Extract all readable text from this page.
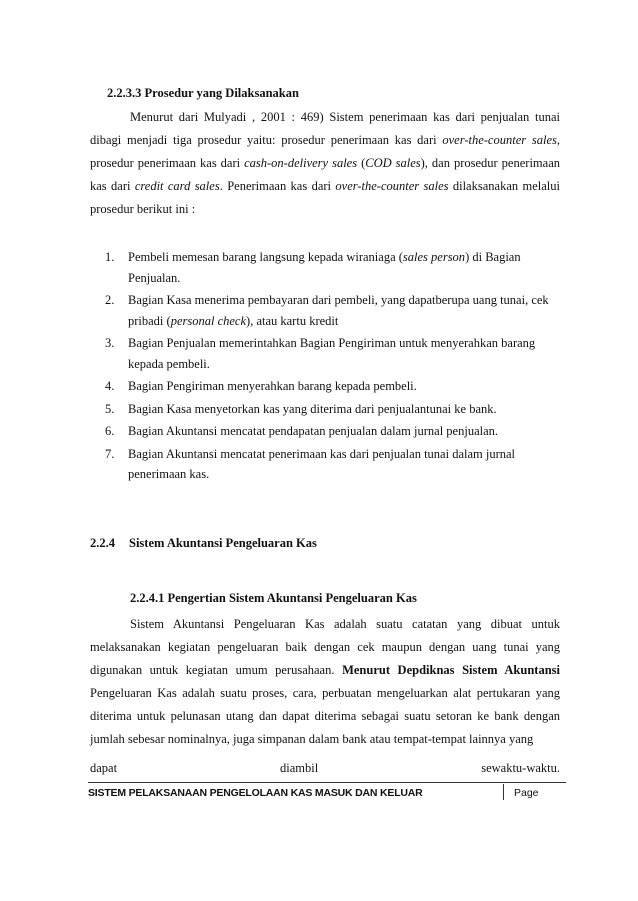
2.2.3.3 Prosedur yang Dilaksanakan

Menurut dari Mulyadi , 2001 : 469) Sistem penerimaan kas dari penjualan tunai dibagi menjadi tiga prosedur yaitu: prosedur penerimaan kas dari over-the-counter sales, prosedur penerimaan kas dari cash-on-delivery sales (COD sales), dan prosedur penerimaan kas dari credit card sales. Penerimaan kas dari over-the-counter sales dilaksanakan melalui prosedur berikut ini :

1. Pembeli memesan barang langsung kepada wiraniaga (sales person) di Bagian Penjualan.
2. Bagian Kasa menerima pembayaran dari pembeli, yang dapatberupa uang tunai, cek pribadi (personal check), atau kartu kredit
3. Bagian Penjualan memerintahkan Bagian Pengiriman untuk menyerahkan barang kepada pembeli.
4. Bagian Pengiriman menyerahkan barang kepada pembeli.
5. Bagian Kasa menyetorkan kas yang diterima dari penjualantunai ke bank.
6. Bagian Akuntansi mencatat pendapatan penjualan dalam jurnal penjualan.
7. Bagian Akuntansi mencatat penerimaan kas dari penjualan tunai dalam jurnal penerimaan kas.
2.2.4 Sistem Akuntansi Pengeluaran Kas
2.2.4.1 Pengertian Sistem Akuntansi Pengeluaran Kas

Sistem Akuntansi Pengeluaran Kas adalah suatu catatan yang dibuat untuk melaksanakan kegiatan pengeluaran baik dengan cek maupun dengan uang tunai yang digunakan untuk kegiatan umum perusahaan. Menurut Depdiknas Sistem Akuntansi Pengeluaran Kas adalah suatu proses, cara, perbuatan mengeluarkan alat pertukaran yang diterima untuk pelunasan utang dan dapat diterima sebagai suatu setoran ke bank dengan jumlah sebesar nominalnya, juga simpanan dalam bank atau tempat-tempat lainnya yang

dapat	diambil	sewaktu-waktu.
SISTEM PELAKSANAAN PENGELOLAAN KAS MASUK DAN KELUAR	Page
